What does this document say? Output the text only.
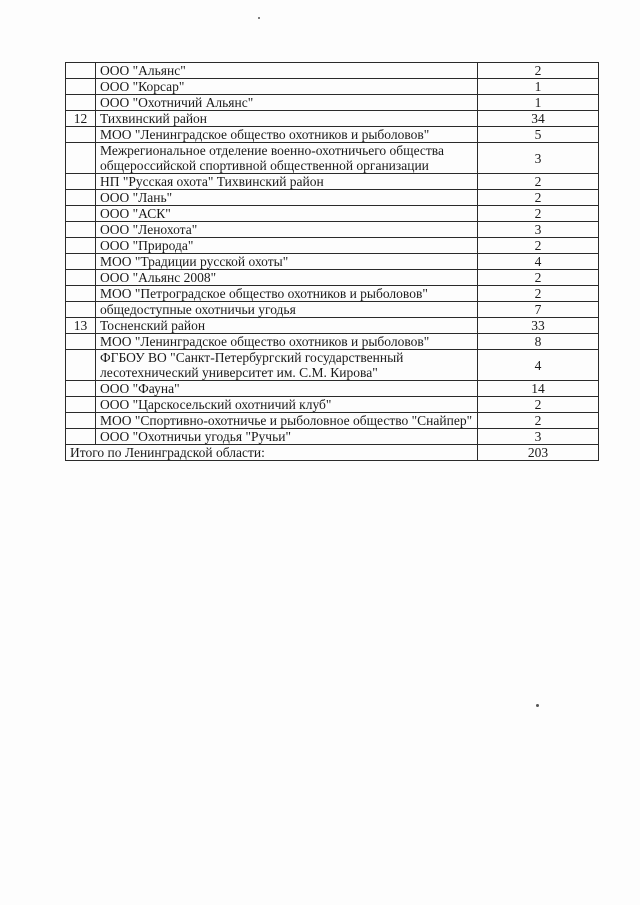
	ООО "Альянс"	2
	ООО "Корсар"	1
	ООО "Охотничий Альянс"	1
12	Тихвинский район	34
	МОО "Ленинградское общество охотников и рыболовов"	5
	Межрегиональное отделение военно-охотничьего общества общероссийской спортивной общественной организации	3
	НП "Русская охота" Тихвинский район	2
	ООО "Лань"	2
	ООО "АСК"	2
	ООО "Ленохота"	3
	ООО "Природа"	2
	МОО "Традиции русской охоты"	4
	ООО "Альянс 2008"	2
	МОО "Петроградское общество охотников и рыболовов"	2
	общедоступные охотничьи угодья	7
13	Тосненский район	33
	МОО "Ленинградское общество охотников и рыболовов"	8
	ФГБОУ ВО "Санкт-Петербургский государственный лесотехнический университет им. С.М. Кирова"	4
	ООО "Фауна"	14
	ООО "Царскосельский охотничий клуб"	2
	МОО "Спортивно-охотничье и рыболовное общество "Снайпер"	2
	ООО "Охотничьи угодья "Ручьи"	3
Итого по Ленинградской области:		203
